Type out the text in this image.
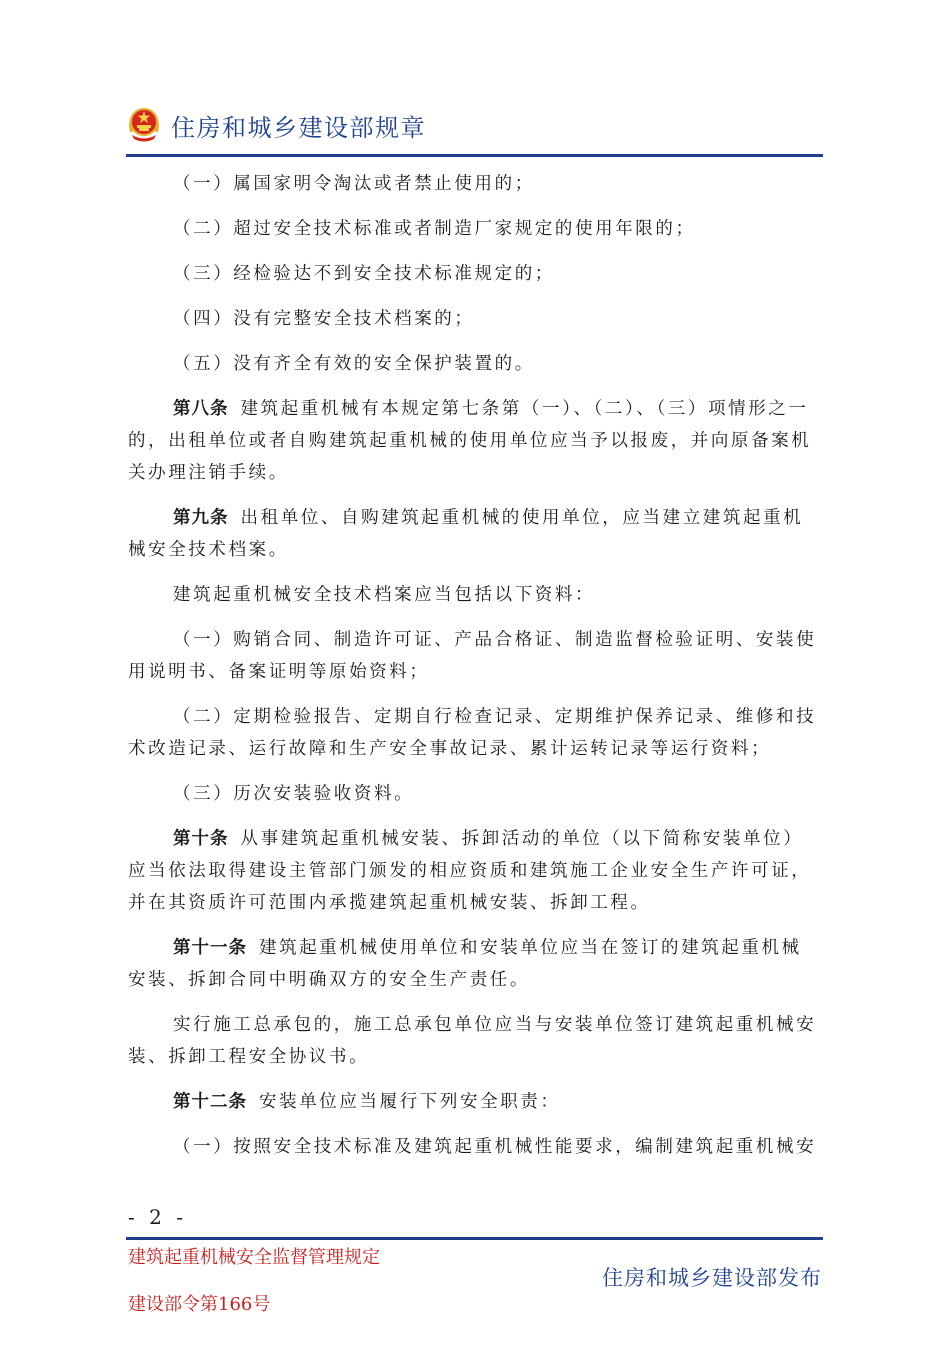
住房和城乡建设部规章

（一）属国家明令淘汰或者禁止使用的；

（二）超过安全技术标准或者制造厂家规定的使用年限的；

（三）经检验达不到安全技术标准规定的；

（四）没有完整安全技术档案的；

（五）没有齐全有效的安全保护装置的。

第八条 建筑起重机械有本规定第七条第（一）、（二）、（三）项情形之一的，出租单位或者自购建筑起重机械的使用单位应当予以报废，并向原备案机关办理注销手续。

第九条 出租单位、自购建筑起重机械的使用单位，应当建立建筑起重机械安全技术档案。

建筑起重机械安全技术档案应当包括以下资料：

（一）购销合同、制造许可证、产品合格证、制造监督检验证明、安装使用说明书、备案证明等原始资料；

（二）定期检验报告、定期自行检查记录、定期维护保养记录、维修和技术改造记录、运行故障和生产安全事故记录、累计运转记录等运行资料；

（三）历次安装验收资料。

第十条 从事建筑起重机械安装、拆卸活动的单位（以下简称安装单位）应当依法取得建设主管部门颁发的相应资质和建筑施工企业安全生产许可证，并在其资质许可范围内承揽建筑起重机械安装、拆卸工程。

第十一条 建筑起重机械使用单位和安装单位应当在签订的建筑起重机械安装、拆卸合同中明确双方的安全生产责任。

实行施工总承包的，施工总承包单位应当与安装单位签订建筑起重机械安装、拆卸工程安全协议书。

第十二条 安装单位应当履行下列安全职责：

（一）按照安全技术标准及建筑起重机械性能要求，编制建筑起重机械安

- 2 -
建筑起重机械安全监督管理规定
建设部令第166号
住房和城乡建设部发布
